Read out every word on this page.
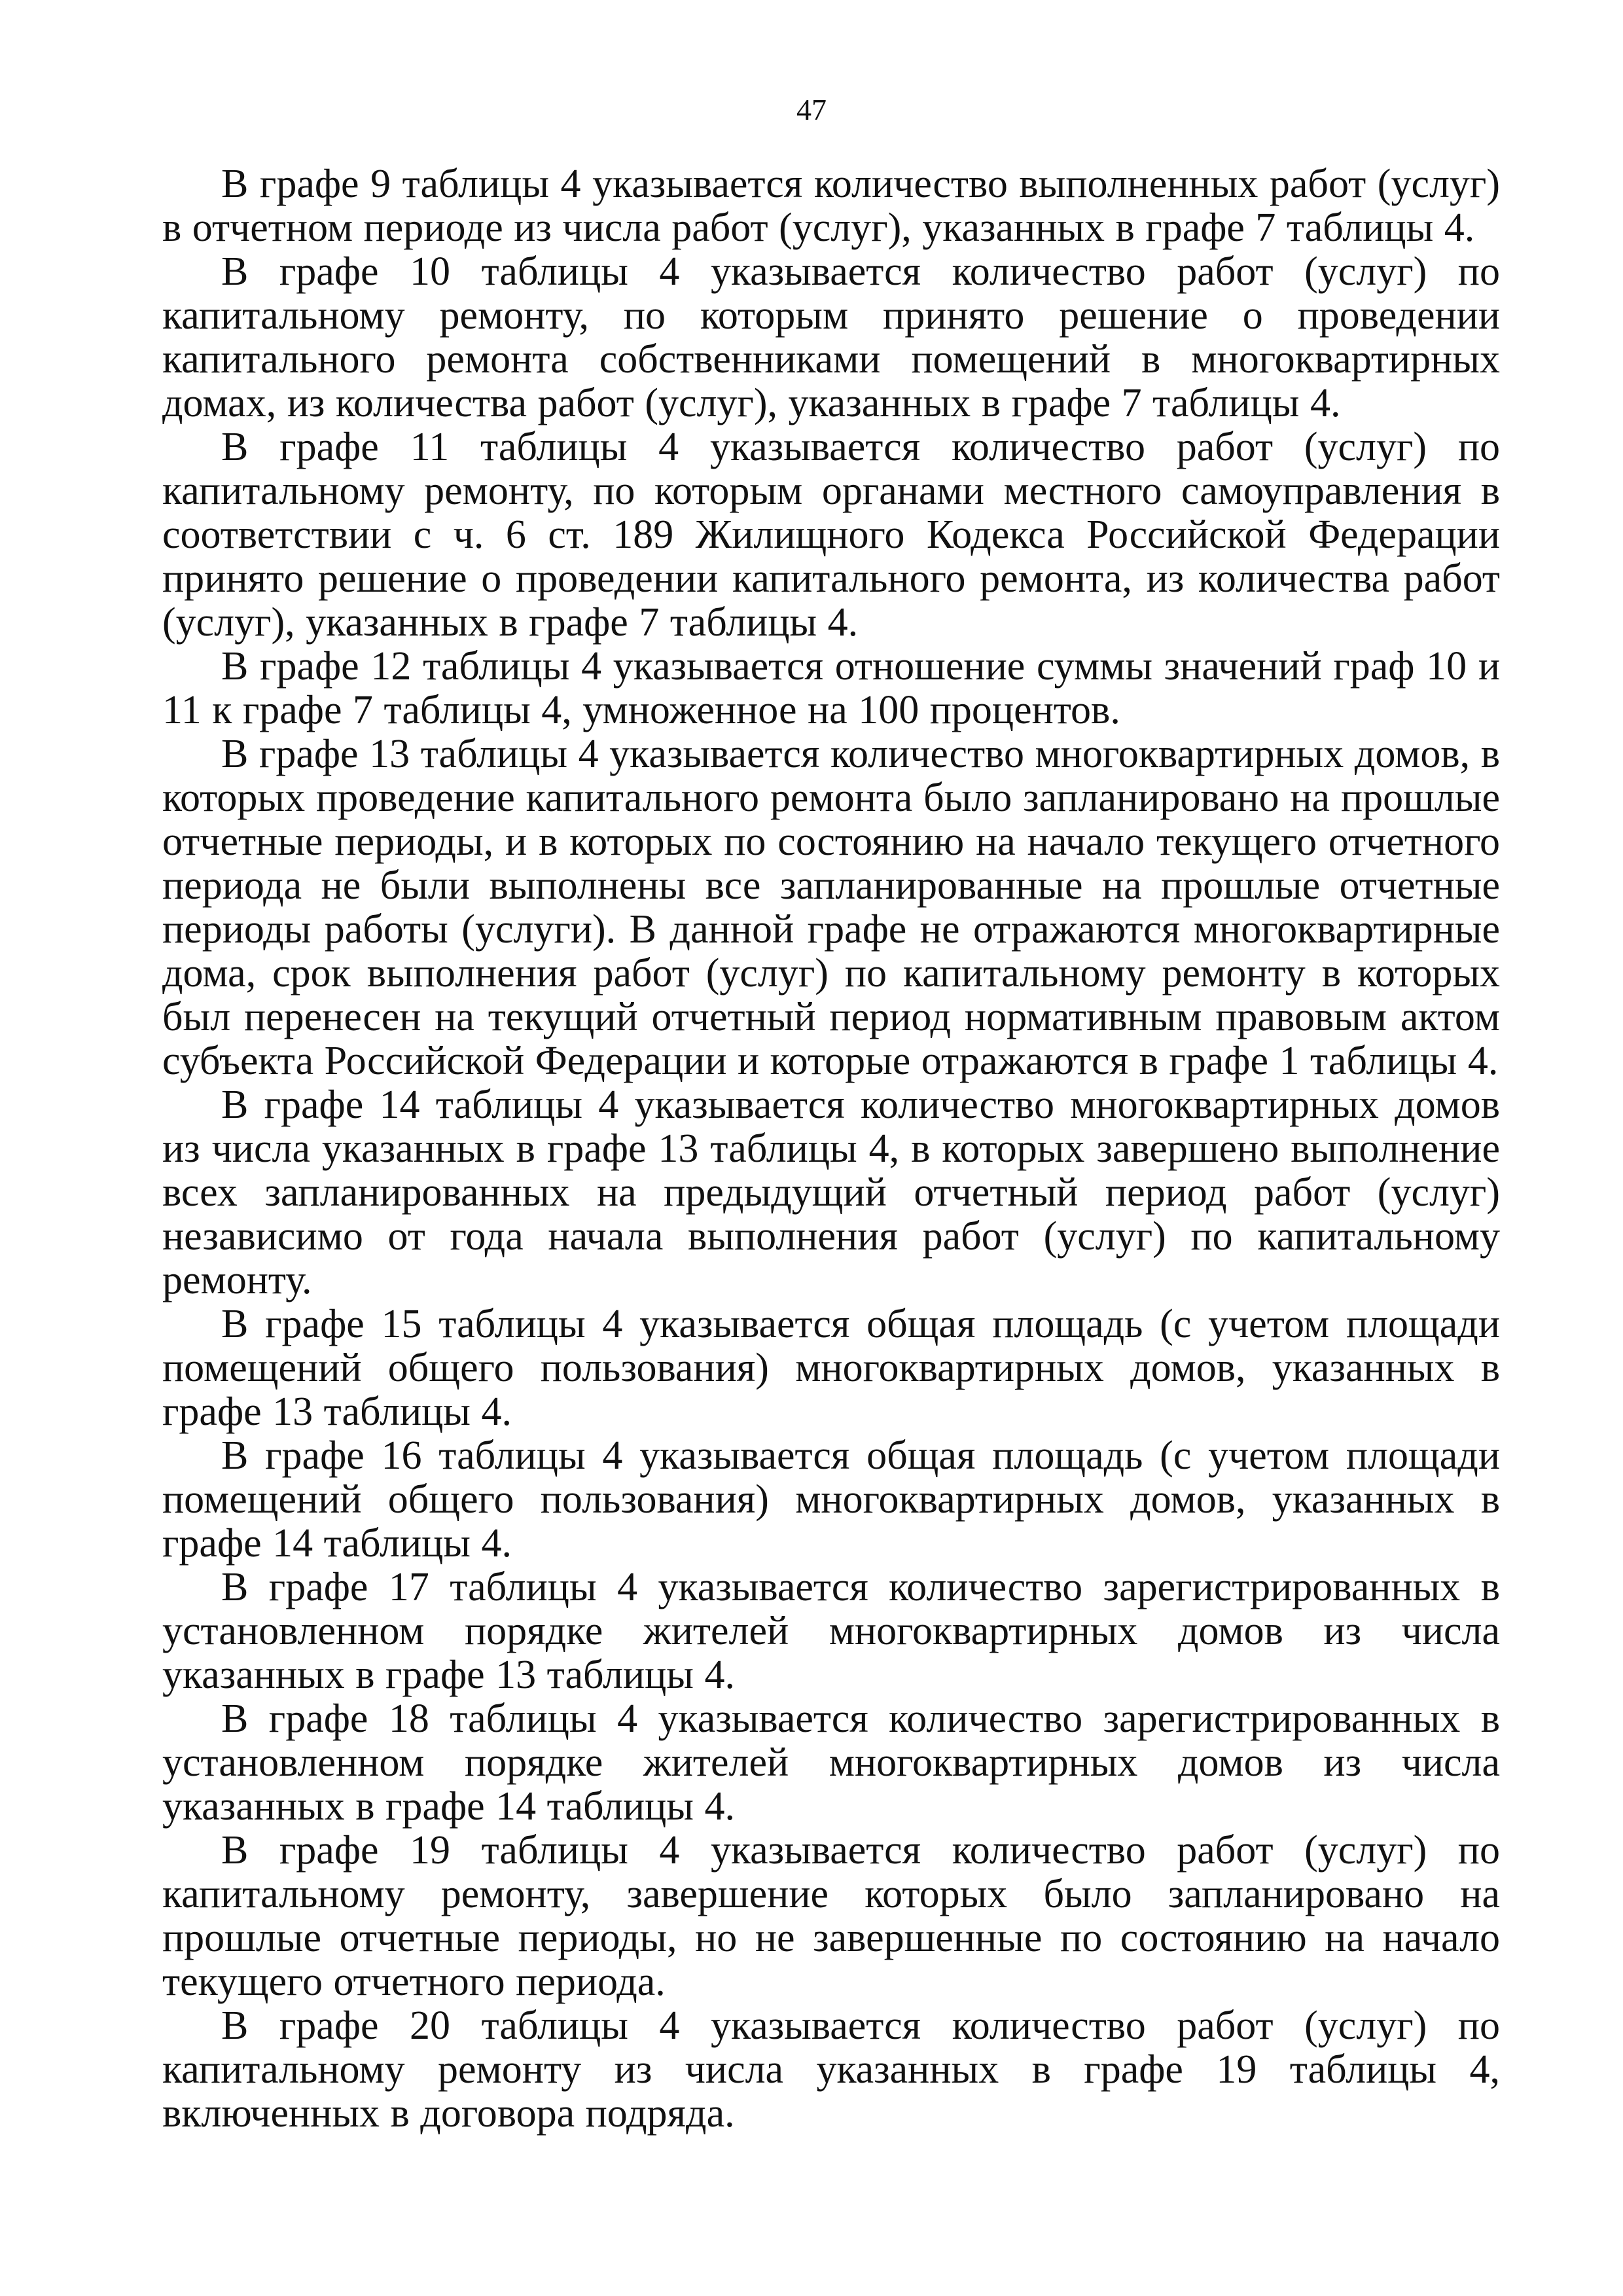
47

В графе 9 таблицы 4 указывается количество выполненных работ (услуг) в отчетном периоде из числа работ (услуг), указанных в графе 7 таблицы 4.

В графе 10 таблицы 4 указывается количество работ (услуг) по капитальному ремонту, по которым принято решение о проведении капитального ремонта собственниками помещений в многоквартирных домах, из количества работ (услуг), указанных в графе 7 таблицы 4.

В графе 11 таблицы 4 указывается количество работ (услуг) по капитальному ремонту, по которым органами местного самоуправления в соответствии с ч. 6 ст. 189 Жилищного Кодекса Российской Федерации принято решение о проведении капитального ремонта, из количества работ (услуг), указанных в графе 7 таблицы 4.

В графе 12 таблицы 4 указывается отношение суммы значений граф 10 и 11 к графе 7 таблицы 4, умноженное на 100 процентов.

В графе 13 таблицы 4 указывается количество многоквартирных домов, в которых проведение капитального ремонта было запланировано на прошлые отчетные периоды, и в которых по состоянию на начало текущего отчетного периода не были выполнены все запланированные на прошлые отчетные периоды работы (услуги). В данной графе не отражаются многоквартирные дома, срок выполнения работ (услуг) по капитальному ремонту в которых был перенесен на текущий отчетный период нормативным правовым актом субъекта Российской Федерации и которые отражаются в графе 1 таблицы 4.

В графе 14 таблицы 4 указывается количество многоквартирных домов из числа указанных в графе 13 таблицы 4, в которых завершено выполнение всех запланированных на предыдущий отчетный период работ (услуг) независимо от года начала выполнения работ (услуг) по капитальному ремонту.

В графе 15 таблицы 4 указывается общая площадь (с учетом площади помещений общего пользования) многоквартирных домов, указанных в графе 13 таблицы 4.

В графе 16 таблицы 4 указывается общая площадь (с учетом площади помещений общего пользования) многоквартирных домов, указанных в графе 14 таблицы 4.

В графе 17 таблицы 4 указывается количество зарегистрированных в установленном порядке жителей многоквартирных домов из числа указанных в графе 13 таблицы 4.

В графе 18 таблицы 4 указывается количество зарегистрированных в установленном порядке жителей многоквартирных домов из числа указанных в графе 14 таблицы 4.

В графе 19 таблицы 4 указывается количество работ (услуг) по капитальному ремонту, завершение которых было запланировано на прошлые отчетные периоды, но не завершенные по состоянию на начало текущего отчетного периода.

В графе 20 таблицы 4 указывается количество работ (услуг) по капитальному ремонту из числа указанных в графе 19 таблицы 4, включенных в договора подряда.
